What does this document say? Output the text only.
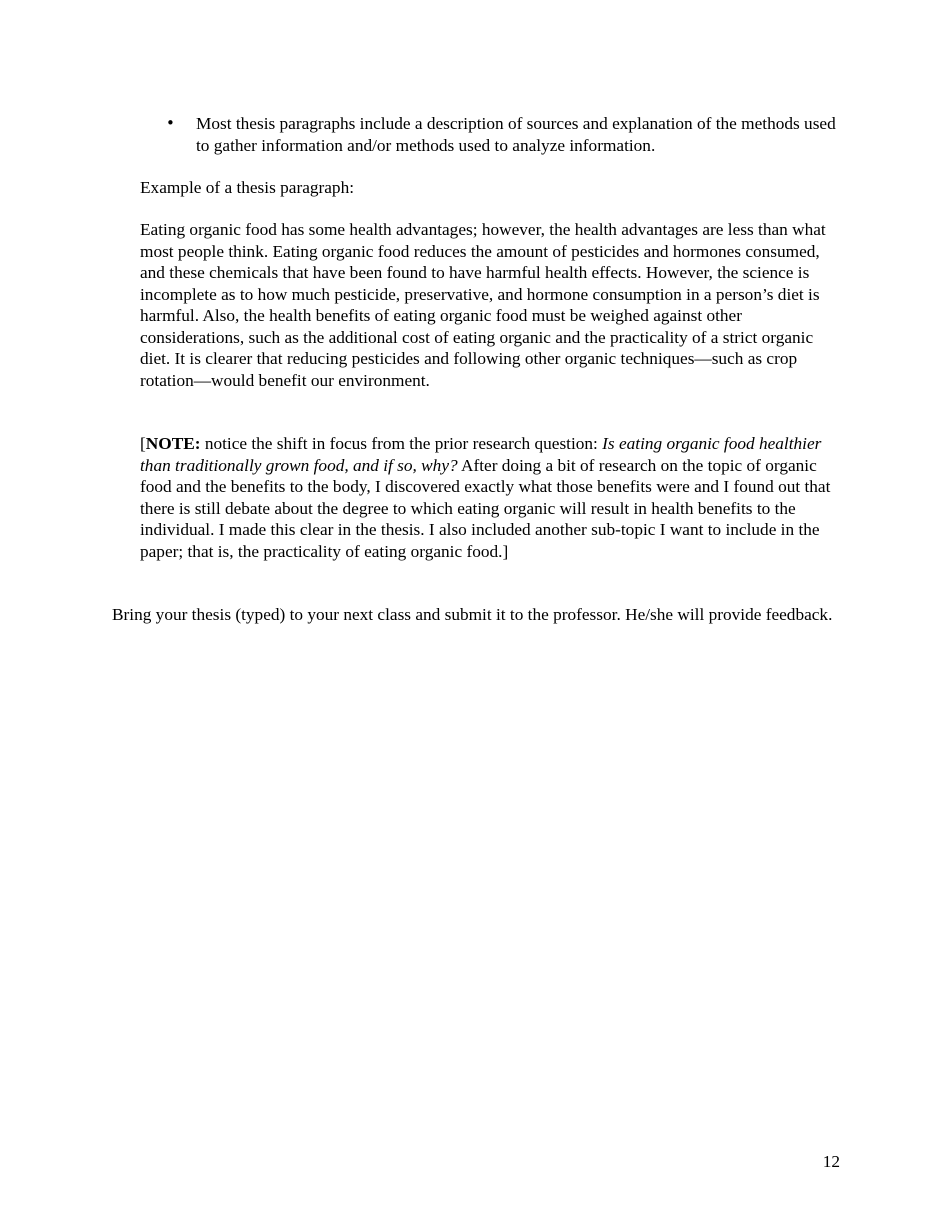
• Most thesis paragraphs include a description of sources and explanation of the methods used to gather information and/or methods used to analyze information.

Example of a thesis paragraph:

Eating organic food has some health advantages; however, the health advantages are less than what most people think. Eating organic food reduces the amount of pesticides and hormones consumed, and these chemicals that have been found to have harmful health effects. However, the science is incomplete as to how much pesticide, preservative, and hormone consumption in a person’s diet is harmful. Also, the health benefits of eating organic food must be weighed against other considerations, such as the additional cost of eating organic and the practicality of a strict organic diet. It is clearer that reducing pesticides and following other organic techniques—such as crop rotation—would benefit our environment.

[NOTE: notice the shift in focus from the prior research question: Is eating organic food healthier than traditionally grown food, and if so, why? After doing a bit of research on the topic of organic food and the benefits to the body, I discovered exactly what those benefits were and I found out that there is still debate about the degree to which eating organic will result in health benefits to the individual. I made this clear in the thesis. I also included another sub-topic I want to include in the paper; that is, the practicality of eating organic food.]

Bring your thesis (typed) to your next class and submit it to the professor. He/she will provide feedback.

12
